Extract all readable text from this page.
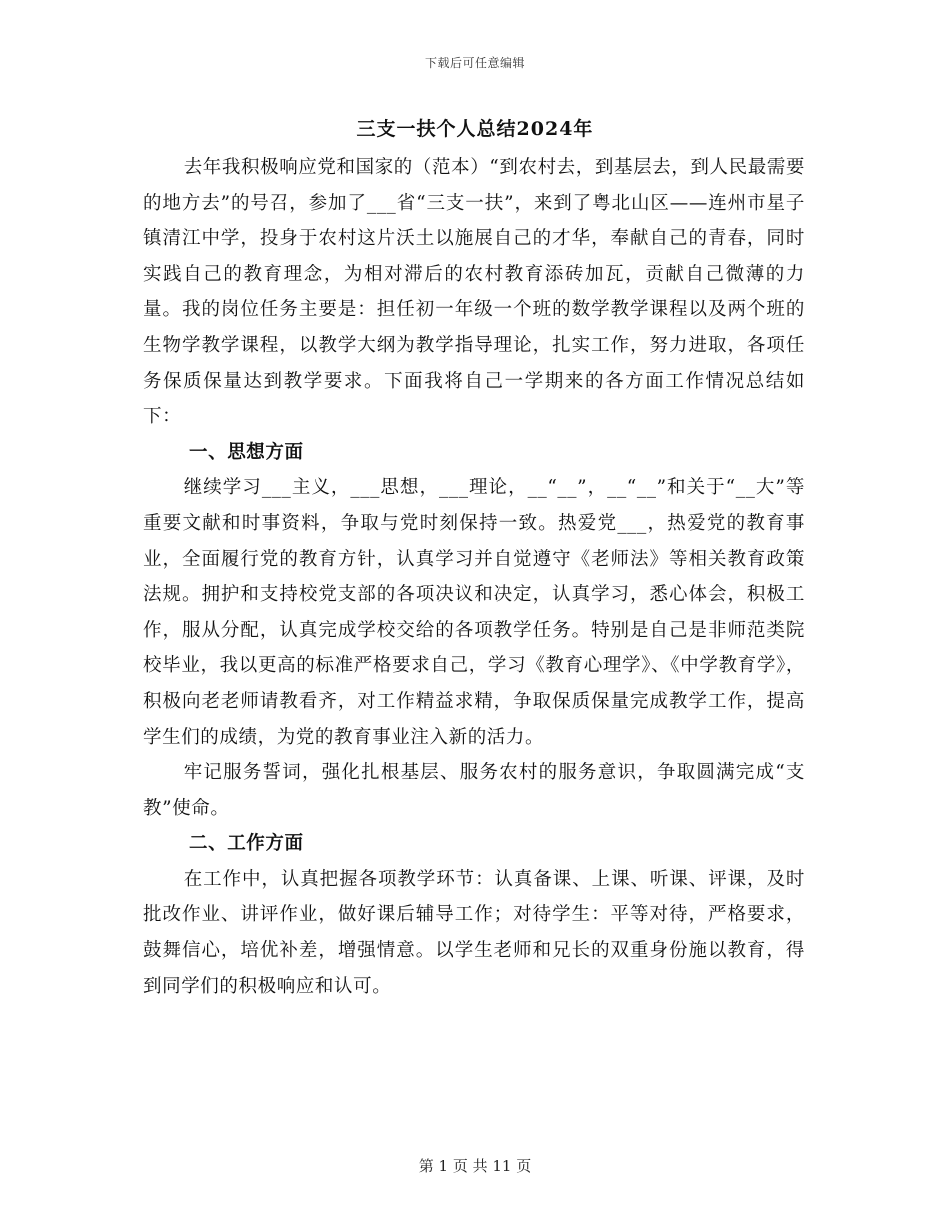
下载后可任意编辑
三支一扶个人总结2024年

去年我积极响应党和国家的（范本）“到农村去，到基层去，到人民最需要的地方去”的号召，参加了___省“三支一扶”，来到了粤北山区——连州市星子镇清江中学，投身于农村这片沃土以施展自己的才华，奉献自己的青春，同时实践自己的教育理念，为相对滞后的农村教育添砖加瓦，贡献自己微薄的力量。我的岗位任务主要是：担任初一年级一个班的数学教学课程以及两个班的生物学教学课程，以教学大纲为教学指导理论，扎实工作，努力进取，各项任务保质保量达到教学要求。下面我将自己一学期来的各方面工作情况总结如下：

一、思想方面

继续学习___主义，___思想，___理论，__“__”，__“__”和关于“__大”等重要文献和时事资料，争取与党时刻保持一致。热爱党___，热爱党的教育事业，全面履行党的教育方针，认真学习并自觉遵守《老师法》等相关教育政策法规。拥护和支持校党支部的各项决议和决定，认真学习，悉心体会，积极工作，服从分配，认真完成学校交给的各项教学任务。特别是自己是非师范类院校毕业，我以更高的标准严格要求自己，学习《教育心理学》、《中学教育学》，积极向老老师请教看齐，对工作精益求精，争取保质保量完成教学工作，提高学生们的成绩，为党的教育事业注入新的活力。

牢记服务誓词，强化扎根基层、服务农村的服务意识，争取圆满完成“支教”使命。

二、工作方面

在工作中，认真把握各项教学环节：认真备课、上课、听课、评课，及时批改作业、讲评作业，做好课后辅导工作；对待学生：平等对待，严格要求，鼓舞信心，培优补差，增强情意。以学生老师和兄长的双重身份施以教育，得到同学们的积极响应和认可。

第 1 页 共 11 页
